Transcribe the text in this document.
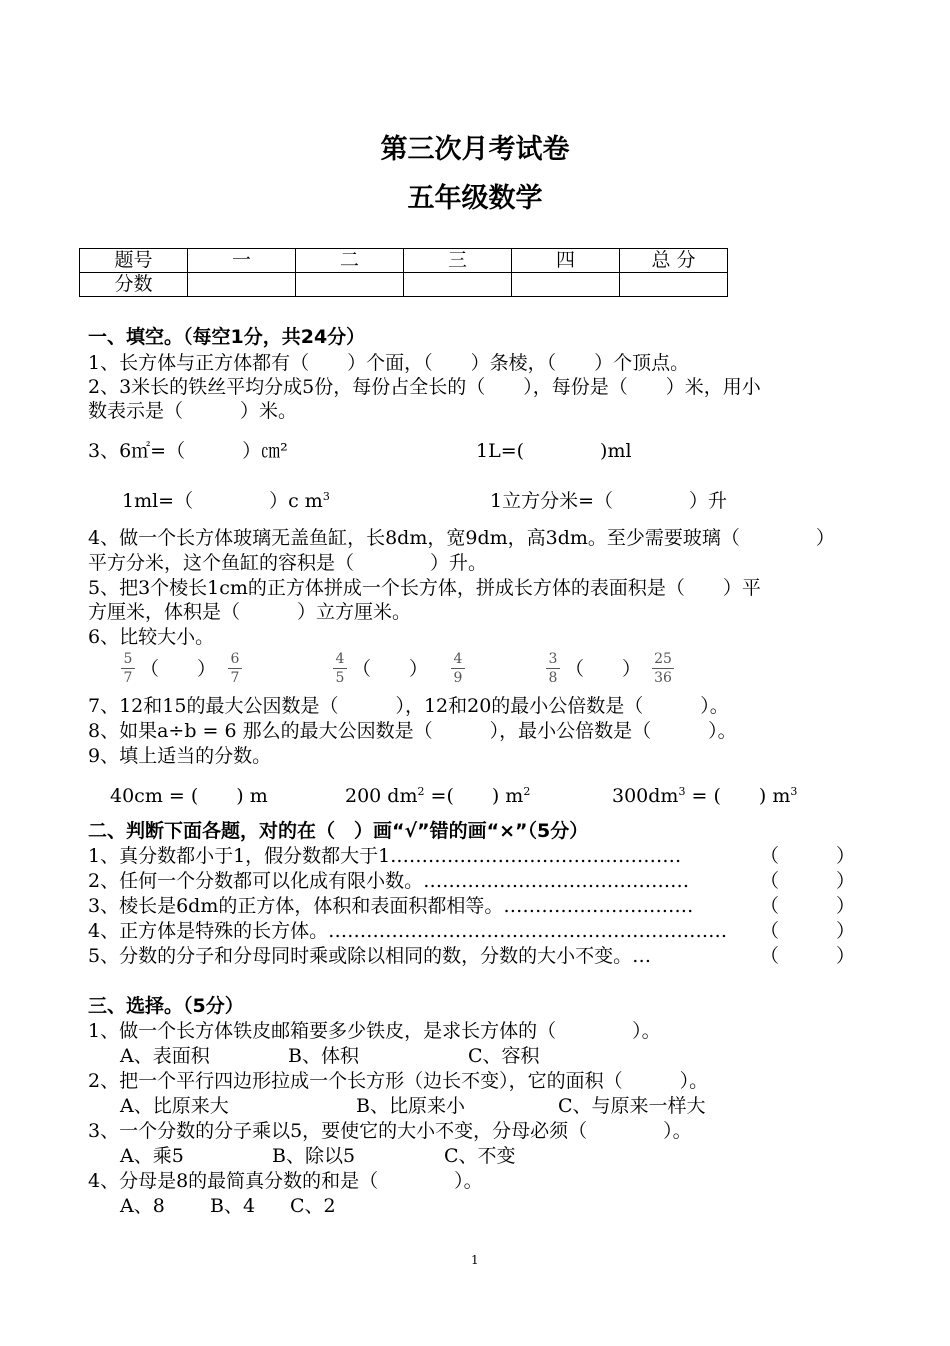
第三次月考试卷
五年级数学
题号	一	二	三	四	总 分
分数					
一、填空。（每空1分，共24分）
1、长方体与正方体都有（　　）个面，（　　）条棱，（　　）个顶点。
2、3米长的铁丝平均分成5份，每份占全长的（　　），每份是（　　）米，用小
数表示是（　　　）米。
3、6㎡=（　　　）㎝²	1L=(　　　　)ml
1ml=（　　　　）c $m^3$	1立方分米=（　　　　）升
4、做一个长方体玻璃无盖鱼缸，长8dm，宽9dm，高3dm。至少需要玻璃（　　　　）
平方分米，这个鱼缸的容积是（　　　　）升。
5、把3个棱长1cm的正方体拼成一个长方体，拼成长方体的表面积是（　　）平
方厘米，体积是（　　　）立方厘米。
6、比较大小。
5
7 （　　） 6
7
4
5 （　　） 4
9
3
8 （　　） 25
36
7、12和15的最大公因数是（　　　），12和20的最小公倍数是（　　　）。
8、如果a÷b = 6 那么的最大公因数是（　　　），最小公倍数是（　　　）。
9、填上适当的分数。
40cm = (　　) m	200 $dm^2$ =(　　) $m^2$	$300dm^3$ = (　　) $m^3$
二、判断下面各题，对的在（　）画“√”错的画“×”（5分）
1、真分数都小于1，假分数都大于1.………………………………………	（　　　）
2、任何一个分数都可以化成有限小数。……………………………………	（　　　）
3、棱长是6dm的正方体，体积和表面积都相等。…………………………	（　　　）
4、正方体是特殊的长方体。……………………………………………………… （　　　）
5、分数的分子和分母同时乘或除以相同的数，分数的大小不变。…	（　　　）
三、选择。（5分）
1、做一个长方体铁皮邮箱要多少铁皮，是求长方体的（　　　　）。
A、表面积	B、体积	C、容积
2、把一个平行四边形拉成一个长方形（边长不变），它的面积（　　　）。
A、比原来大	B、比原来小	C、与原来一样大
3、一个分数的分子乘以5，要使它的大小不变，分母必须（　　　　）。
A、乘5	B、除以5	C、不变
4、分母是8的最简真分数的和是（　　　　）。
A、8 B、4 C、2
1
